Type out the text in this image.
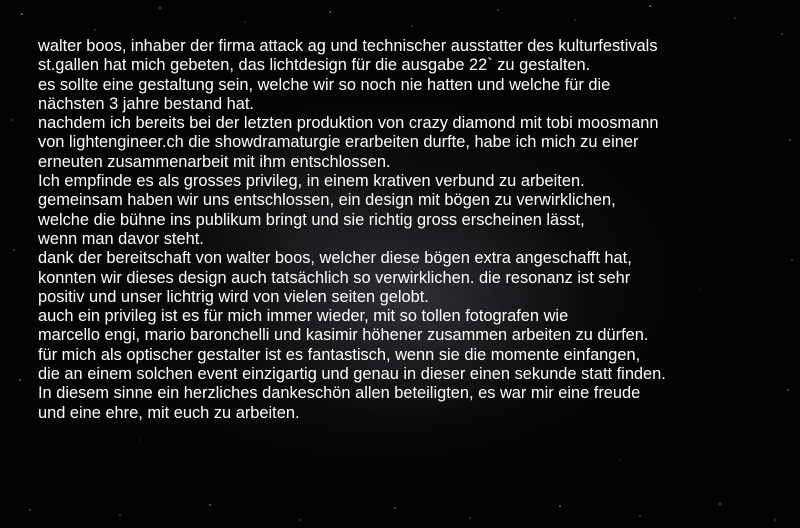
walter boos, inhaber der firma attack ag und technischer ausstatter des kulturfestivals
st.gallen hat mich gebeten, das lichtdesign für die ausgabe 22` zu gestalten.
es sollte eine gestaltung sein, welche wir so noch nie hatten und welche für die
nächsten 3 jahre bestand hat.
nachdem ich bereits bei der letzten produktion von crazy diamond mit tobi moosmann
von lightengineer.ch die showdramaturgie erarbeiten durfte, habe ich mich zu einer
erneuten zusammenarbeit mit ihm entschlossen.
Ich empfinde es als grosses privileg, in einem krativen verbund zu arbeiten.
gemeinsam haben wir uns entschlossen, ein design mit bögen zu verwirklichen,
welche die bühne ins publikum bringt und sie richtig gross erscheinen lässt,
wenn man davor steht.
dank der bereitschaft von walter boos, welcher diese bögen extra angeschafft hat,
konnten wir dieses design auch tatsächlich so verwirklichen. die resonanz ist sehr
positiv und unser lichtrig wird von vielen seiten gelobt.
auch ein privileg ist es für mich immer wieder, mit so tollen fotografen wie
marcello engi, mario baronchelli und kasimir höhener zusammen arbeiten zu dürfen.
für mich als optischer gestalter ist es fantastisch, wenn sie die momente einfangen,
die an einem solchen event einzigartig und genau in dieser einen sekunde statt finden.
In diesem sinne ein herzliches dankeschön allen beteiligten, es war mir eine freude
und eine ehre, mit euch zu arbeiten.
